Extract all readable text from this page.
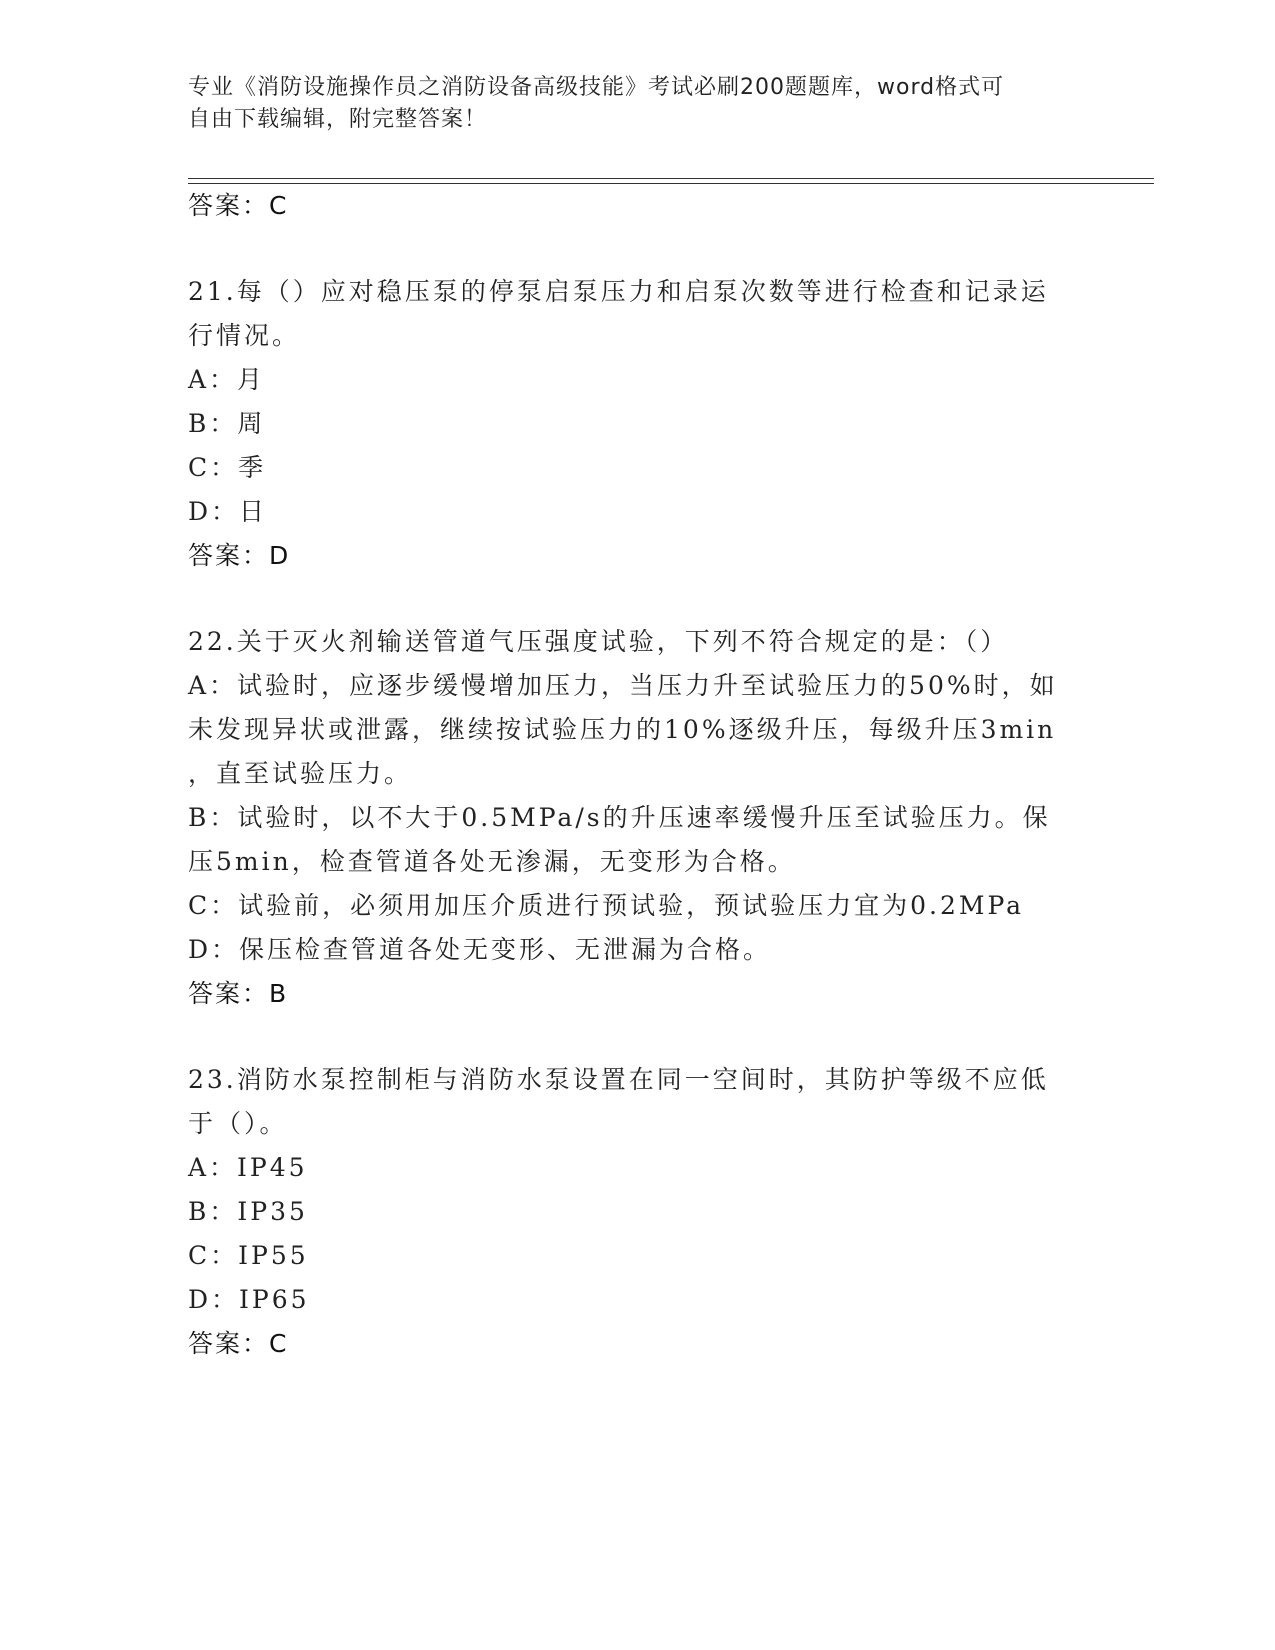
专业《消防设施操作员之消防设备高级技能》考试必刷200题题库，word格式可
自由下载编辑，附完整答案！
答案：C
21.每（）应对稳压泵的停泵启泵压力和启泵次数等进行检查和记录运
行情况。
A：月
B：周
C：季
D：日
答案：D
22.关于灭火剂输送管道气压强度试验，下列不符合规定的是：（）
A：试验时，应逐步缓慢增加压力，当压力升至试验压力的50%时，如
未发现异状或泄露，继续按试验压力的10%逐级升压，每级升压3min
，直至试验压力。
B：试验时，以不大于0.5MPa/s的升压速率缓慢升压至试验压力。保
压5min，检查管道各处无渗漏，无变形为合格。
C：试验前，必须用加压介质进行预试验，预试验压力宜为0.2MPa
D：保压检查管道各处无变形、无泄漏为合格。
答案：B
23.消防水泵控制柜与消防水泵设置在同一空间时，其防护等级不应低
于（）。
A：IP45
B：IP35
C：IP55
D：IP65
答案：C
